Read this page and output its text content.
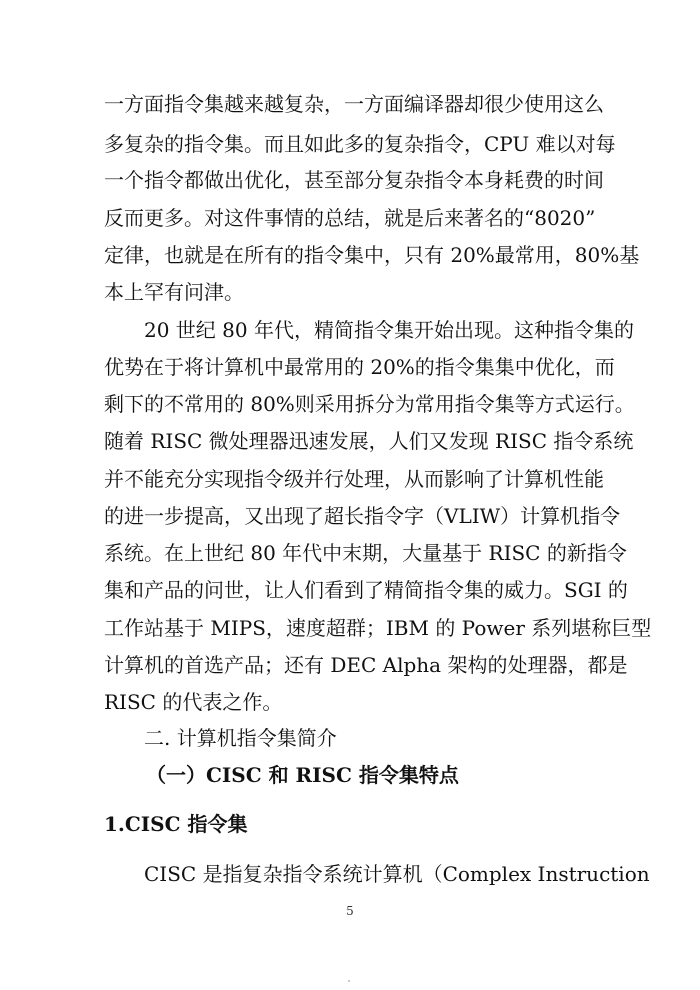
一方面指令集越来越复杂，一方面编译器却很少使用这么
多复杂的指令集。而且如此多的复杂指令，CPU 难以对每
一个指令都做出优化，甚至部分复杂指令本身耗费的时间
反而更多。对这件事情的总结，就是后来著名的“8020”
定律，也就是在所有的指令集中，只有 20%最常用，80%基
本上罕有问津。
20 世纪 80 年代，精简指令集开始出现。这种指令集的
优势在于将计算机中最常用的 20%的指令集集中优化，而
剩下的不常用的 80%则采用拆分为常用指令集等方式运行。
随着 RISC 微处理器迅速发展，人们又发现 RISC 指令系统
并不能充分实现指令级并行处理，从而影响了计算机性能
的进一步提高，又出现了超长指令字（VLIW）计算机指令
系统。在上世纪 80 年代中末期，大量基于 RISC 的新指令
集和产品的问世，让人们看到了精简指令集的威力。SGI 的
工作站基于 MIPS，速度超群；IBM 的 Power 系列堪称巨型
计算机的首选产品；还有 DEC Alpha 架构的处理器，都是
RISC 的代表之作。
二. 计算机指令集简介
（一）CISC 和 RISC 指令集特点
1.CISC 指令集
CISC 是指复杂指令系统计算机（Complex Instruction
5
